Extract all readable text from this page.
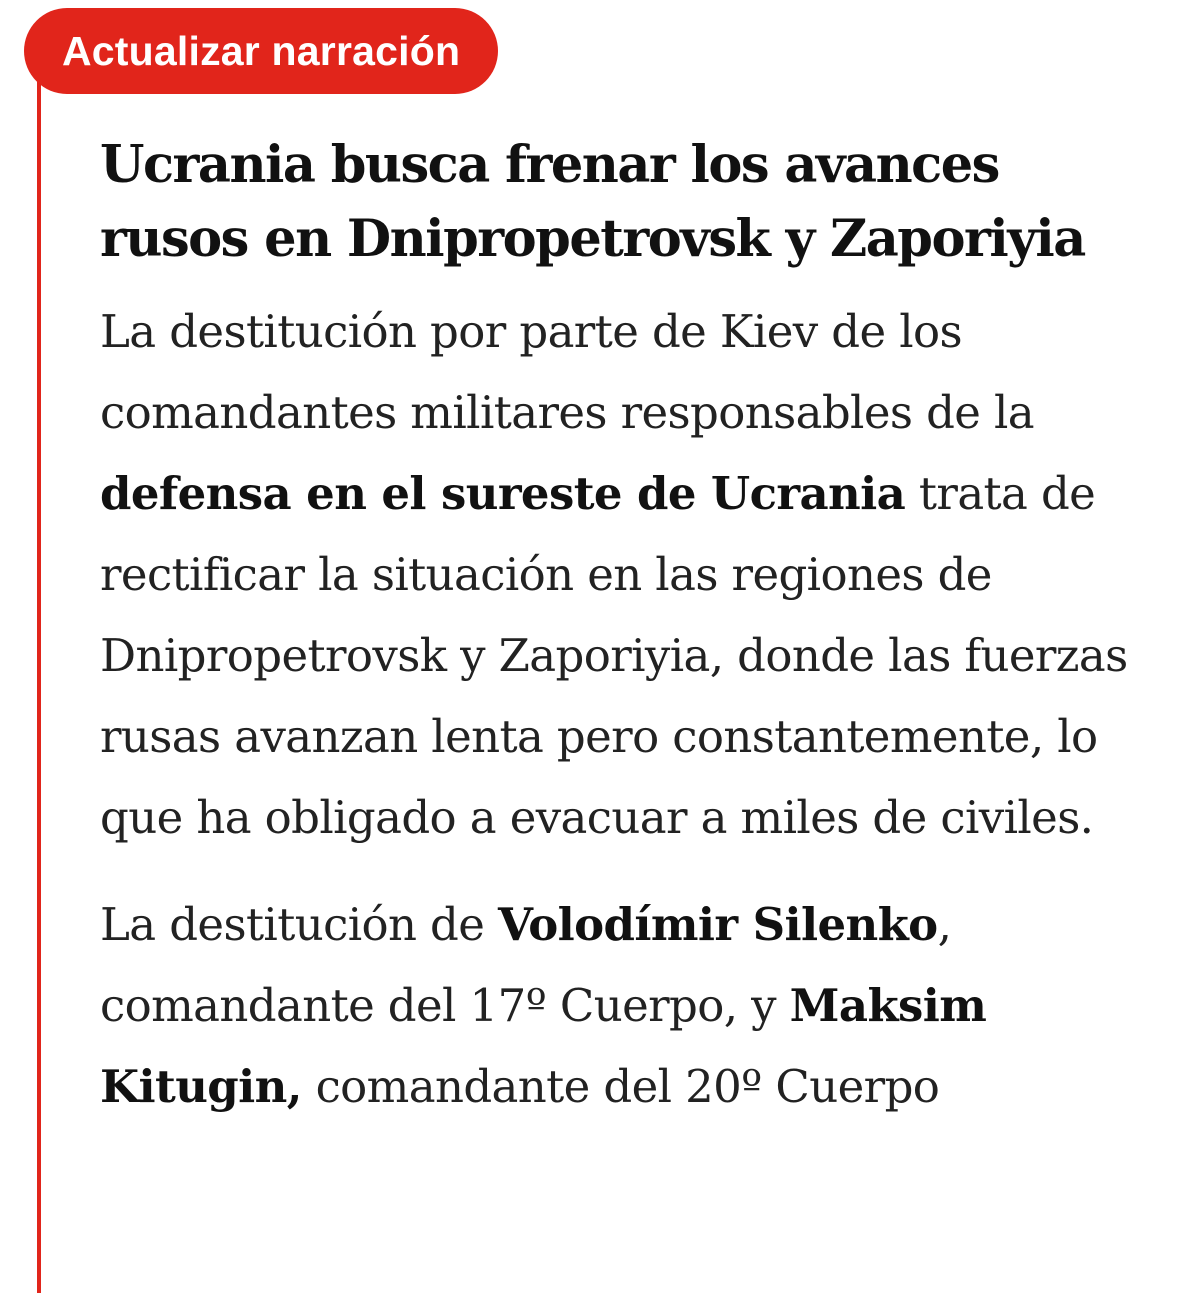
Actualizar narración
Ucrania busca frenar los avances rusos en Dnipropetrovsk y Zaporiyia

La destitución por parte de Kiev de los comandantes militares responsables de la defensa en el sureste de Ucrania trata de rectificar la situación en las regiones de Dnipropetrovsk y Zaporiyia, donde las fuerzas rusas avanzan lenta pero constantemente, lo que ha obligado a evacuar a miles de civiles.

La destitución de Volodímir Silenko, comandante del 17º Cuerpo, y Maksim Kitugin, comandante del 20º Cuerpo
